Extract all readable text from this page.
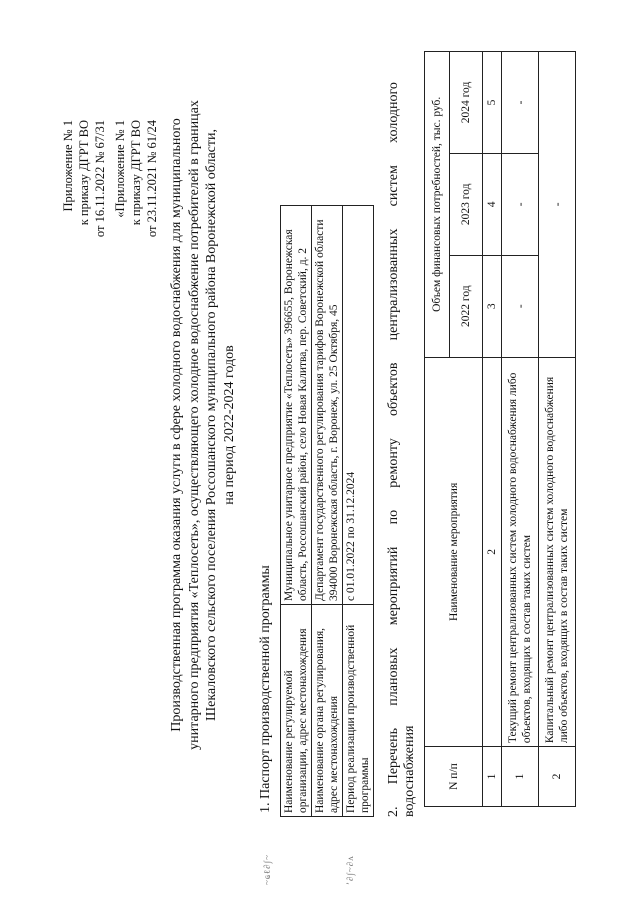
~ҩℓ∂∫~	ʼ∂∫~∂ʌ
Приложение № 1 к приказу ДГРТ ВО от 16.11.2022 № 67/31 «Приложение № 1 к приказу ДГРТ ВО от 23.11.2021 № 61/24 Производственная программа оказания услуги в сфере холодного водоснабжения для муниципального унитарного предприятия «Теплосеть», осуществляющего холодное водоснабжение потребителей в границах Шекаловского сельского поселения Россошанского муниципального района Воронежской области, на период 2022-2024 годов
1. Паспорт производственной программы Наименование регулируемой организации, адрес местонахождения	Муниципальное унитарное предприятие «Теплосеть» 396655, Воронежская область, Россошанский район, село Новая Калитва, пер. Советский, д. 2
Наименование органа регулирования, адрес местонахождения	Департамент государственного регулирования тарифов Воронежской области 394000 Воронежская область, г. Воронеж, ул. 25 Октября, 45
Период реализации производственной программы	с 01.01.2022 по 31.12.2024
2.
Перечень
плановых
мероприятий
по
ремонту
объектов
централизованных
систем
холодного
водоснабжения	N п/п	Наименование мероприятия	Объем финансовых потребностей, тыс. руб.		
		2022 год	2023 год	2024 год
1	2	3	4	5
1	Текущий ремонт централизованных систем холодного водоснабжения либо объектов, входящих в состав таких систем	-	-	-
2	Капитальный ремонт централизованных систем холодного водоснабжения либо объектов, входящих в состав таких систем	-		
